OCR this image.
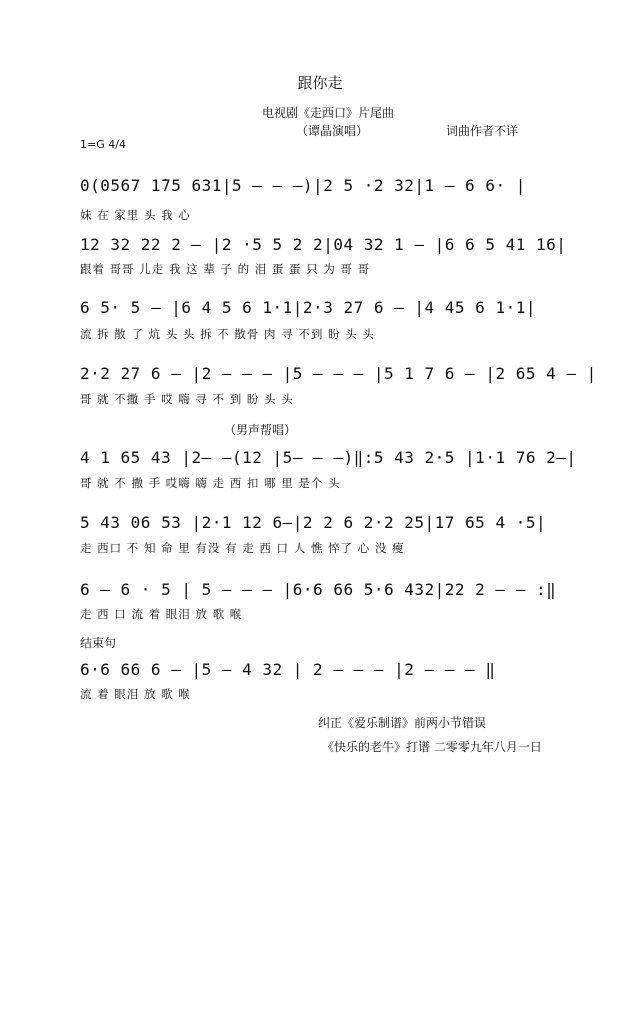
跟你走
电视剧《走西口》片尾曲
（谭晶演唱）	词曲作者不详
1=G 4/4
0(0567 1̇75 631|5 – – –)|2 5 ·2 32|1 – 6 6· |
妹 在 家里 头 我 心
12 32 22 2 – |2 ·5 5 2 2|04 32 1 – |6 6 5 41 16|
跟着 哥哥 儿走 我 这 辈 子 的 泪 蛋 蛋 只 为 哥 哥
6 5· 5 – |6 4 5 6 1·1|2·3 27 6 – |4 45 6 1·1|
流 拆 散 了 炕 头 头 拆 不 散骨 肉 寻 不到 盼 头 头
2·2 27 6 – |2 – – – |5 – – – |5 1 7 6 – |2 65 4 – |
哥 就 不撒 手 哎 嗨 寻 不 到 盼 头 头
（男声帮唱）
4 1 65 43 |2– –(12 |5– – –)‖:5 43 2·5 |1·1 76 2–|
哥 就 不 撒 手 哎嗨 嗨 走 西 扣 哪 里 是个 头
5 43 06 53 |2·1 12 6–|2 2 6 2·2 25|17 65 4 ·5|
走 西口 不 知 命 里 有没 有 走 西 口 人 憔 悴了 心 没 瘦
6 – 6 · 5 | 5 – – – |6·6 66 5·6 432|22 2 – – :‖
走 西 口 流 着 眼泪 放 歌 喉
结束句
6·6 66 6 – |5 – 4 32 | 2 – – – |2 – – – ‖
流 着 眼泪 放 歌 喉
纠正《爱乐制谱》前两小节错误
《快乐的老牛》打谱 二零零九年八月一日
